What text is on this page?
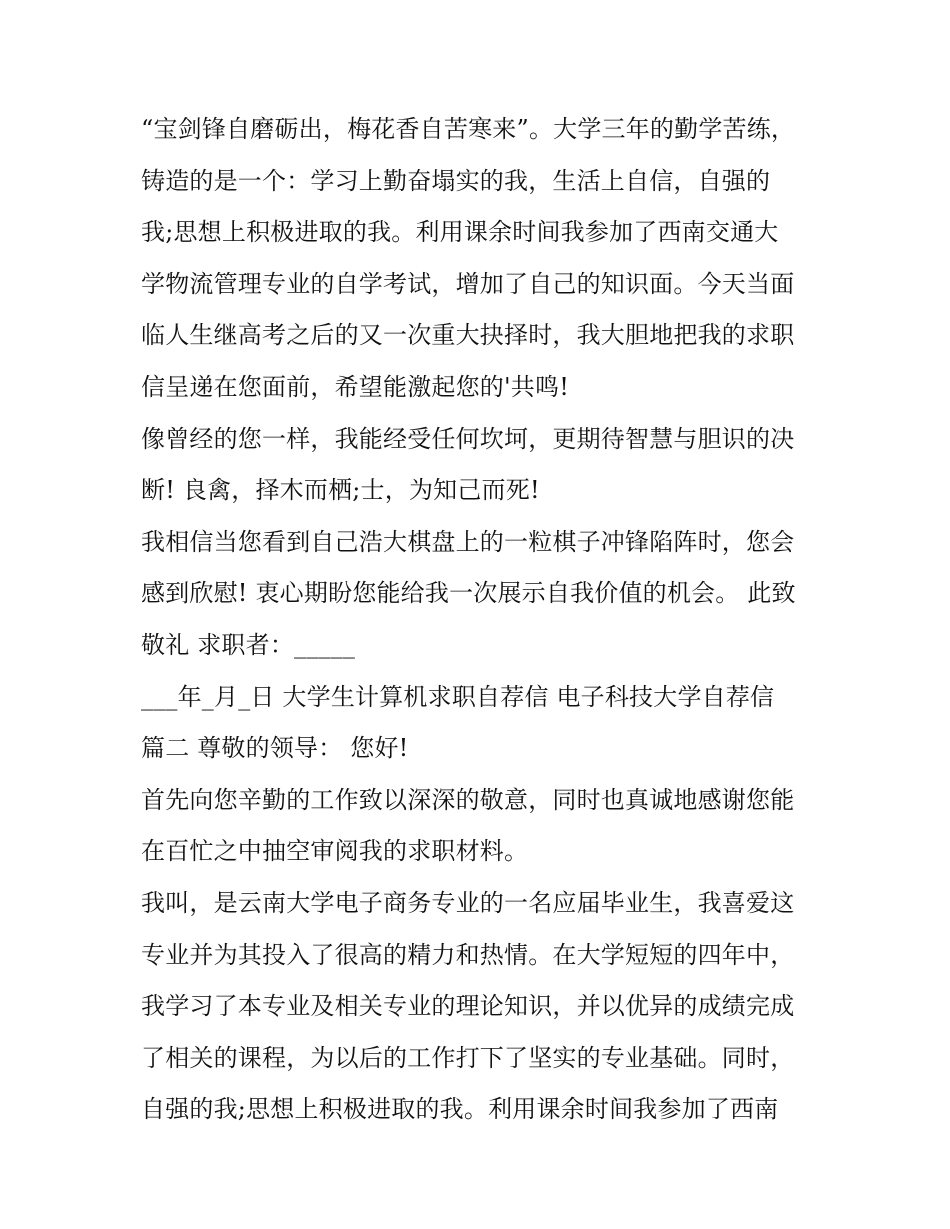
“宝剑锋自磨砺出，梅花香自苦寒来”。大学三年的勤学苦练，
铸造的是一个：学习上勤奋塌实的我，生活上自信，自强的
我;思想上积极进取的我。利用课余时间我参加了西南交通大
学物流管理专业的自学考试，增加了自己的知识面。今天当面
临人生继高考之后的又一次重大抉择时，我大胆地把我的求职
信呈递在您面前，希望能激起您的'共鸣!
像曾经的您一样，我能经受任何坎坷，更期待智慧与胆识的决
断! 良禽，择木而栖;士，为知己而死!
我相信当您看到自己浩大棋盘上的一粒棋子冲锋陷阵时，您会
感到欣慰! 衷心期盼您能给我一次展示自我价值的机会。 此致
敬礼 求职者：_____
___年_月_日 大学生计算机求职自荐信 电子科技大学自荐信
篇二 尊敬的领导： 您好!
首先向您辛勤的工作致以深深的敬意，同时也真诚地感谢您能
在百忙之中抽空审阅我的求职材料。
我叫，是云南大学电子商务专业的一名应届毕业生，我喜爱这
专业并为其投入了很高的精力和热情。在大学短短的四年中，
我学习了本专业及相关专业的理论知识，并以优异的成绩完成
了相关的课程，为以后的工作打下了坚实的专业基础。同时，
自强的我;思想上积极进取的我。利用课余时间我参加了西南
